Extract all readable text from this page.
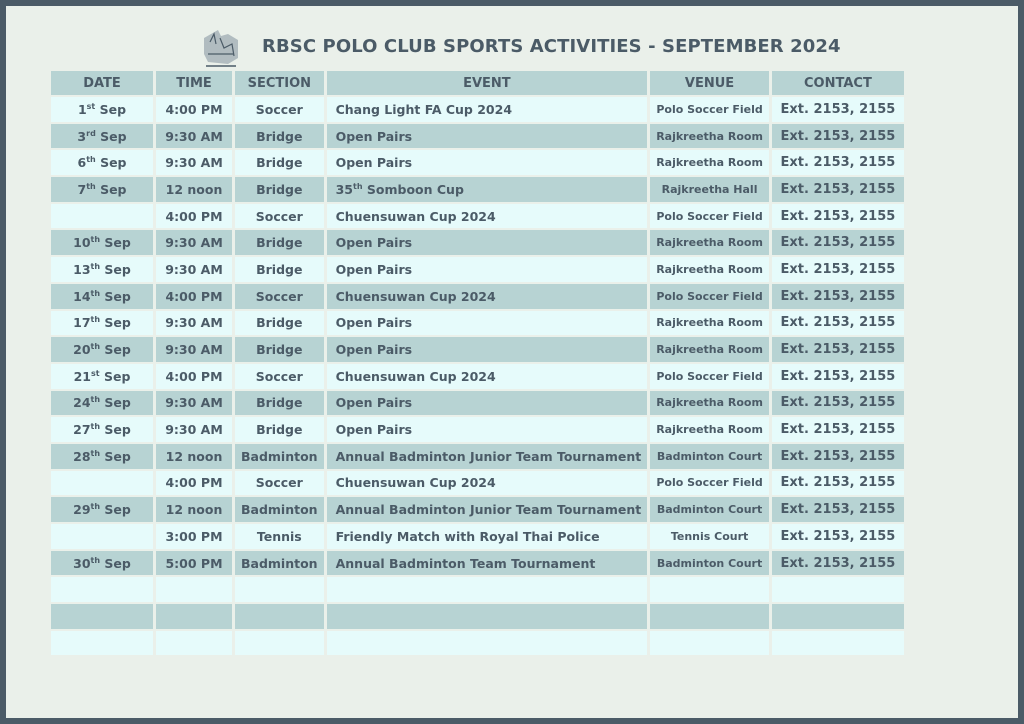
RBSC POLO CLUB SPORTS ACTIVITIES - SEPTEMBER 2024
DATE	TIME	SECTION	EVENT	VENUE	CONTACT
1st Sep	4:00 PM	Soccer	Chang Light FA Cup 2024	Polo Soccer Field	Ext. 2153, 2155
3rd Sep	9:30 AM	Bridge	Open Pairs	Rajkreetha Room	Ext. 2153, 2155
6th Sep	9:30 AM	Bridge	Open Pairs	Rajkreetha Room	Ext. 2153, 2155
7th Sep	12 noon	Bridge	35th Somboon Cup	Rajkreetha Hall	Ext. 2153, 2155
	4:00 PM	Soccer	Chuensuwan Cup 2024	Polo Soccer Field	Ext. 2153, 2155
10th Sep	9:30 AM	Bridge	Open Pairs	Rajkreetha Room	Ext. 2153, 2155
13th Sep	9:30 AM	Bridge	Open Pairs	Rajkreetha Room	Ext. 2153, 2155
14th Sep	4:00 PM	Soccer	Chuensuwan Cup 2024	Polo Soccer Field	Ext. 2153, 2155
17th Sep	9:30 AM	Bridge	Open Pairs	Rajkreetha Room	Ext. 2153, 2155
20th Sep	9:30 AM	Bridge	Open Pairs	Rajkreetha Room	Ext. 2153, 2155
21st Sep	4:00 PM	Soccer	Chuensuwan Cup 2024	Polo Soccer Field	Ext. 2153, 2155
24th Sep	9:30 AM	Bridge	Open Pairs	Rajkreetha Room	Ext. 2153, 2155
27th Sep	9:30 AM	Bridge	Open Pairs	Rajkreetha Room	Ext. 2153, 2155
28th Sep	12 noon	Badminton	Annual Badminton Junior Team Tournament	Badminton Court	Ext. 2153, 2155
	4:00 PM	Soccer	Chuensuwan Cup 2024	Polo Soccer Field	Ext. 2153, 2155
29th Sep	12 noon	Badminton	Annual Badminton Junior Team Tournament	Badminton Court	Ext. 2153, 2155
	3:00 PM	Tennis	Friendly Match with Royal Thai Police	Tennis Court	Ext. 2153, 2155
30th Sep	5:00 PM	Badminton	Annual Badminton Team Tournament	Badminton Court	Ext. 2153, 2155
